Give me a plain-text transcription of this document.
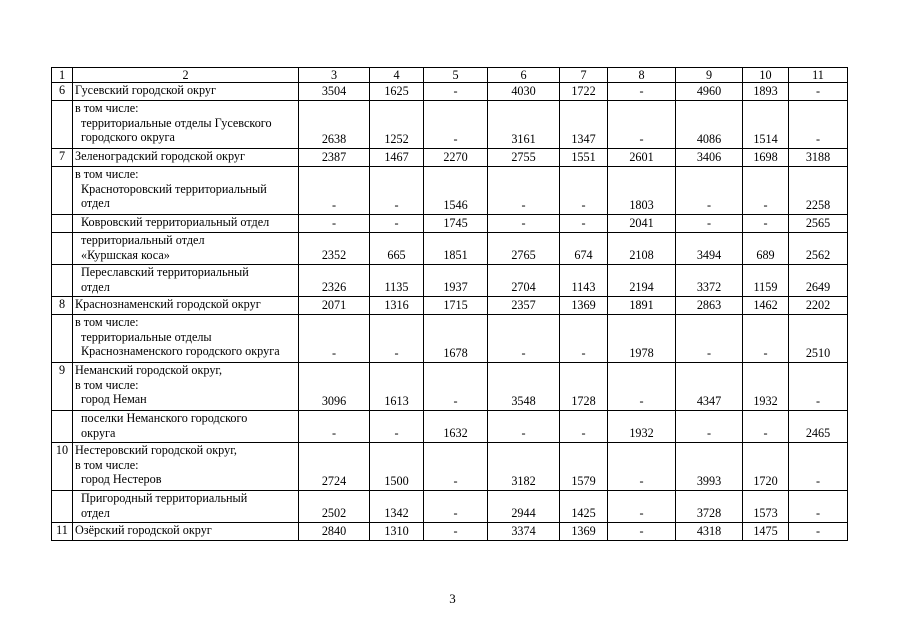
1	2	3	4	5	6	7	8	9	10	11
6	Гусевский городской округ	3504	1625	-	4030	1722	-	4960	1893	-

	в том числе:
территориальные отделы Гусевского
городского округа	2638	1252	-	3161	1347	-	4086	1514	-
7	Зеленоградский городской округ	2387	1467	2270	2755	1551	2601	3406	1698	3188

	в том числе:
Красноторовский территориальный
отдел	-	-	1546	-	-	1803	-	-	2258

	Ковровский территориальный отдел	-	-	1745	-	-	2041	-	-	2565

	территориальный отдел
«Куршская коса»	2352	665	1851	2765	674	2108	3494	689	2562

	Переславский территориальный
отдел	2326	1135	1937	2704	1143	2194	3372	1159	2649
8	Краснознаменский городской округ	2071	1316	1715	2357	1369	1891	2863	1462	2202

	в том числе:
территориальные отделы
Краснознаменского городского округа	-	-	1678	-	-	1978	-	-	2510
9	Неманский городской округ,
в том числе:
город Неман	3096	1613	-	3548	1728	-	4347	1932	-

	поселки Неманского городского
округа	-	-	1632	-	-	1932	-	-	2465
10	Нестеровский городской округ,
в том числе:
город Нестеров	2724	1500	-	3182	1579	-	3993	1720	-

	Пригородный территориальный
отдел	2502	1342	-	2944	1425	-	3728	1573	-
11	Озёрский городской округ	2840	1310	-	3374	1369	-	4318	1475	-
3
